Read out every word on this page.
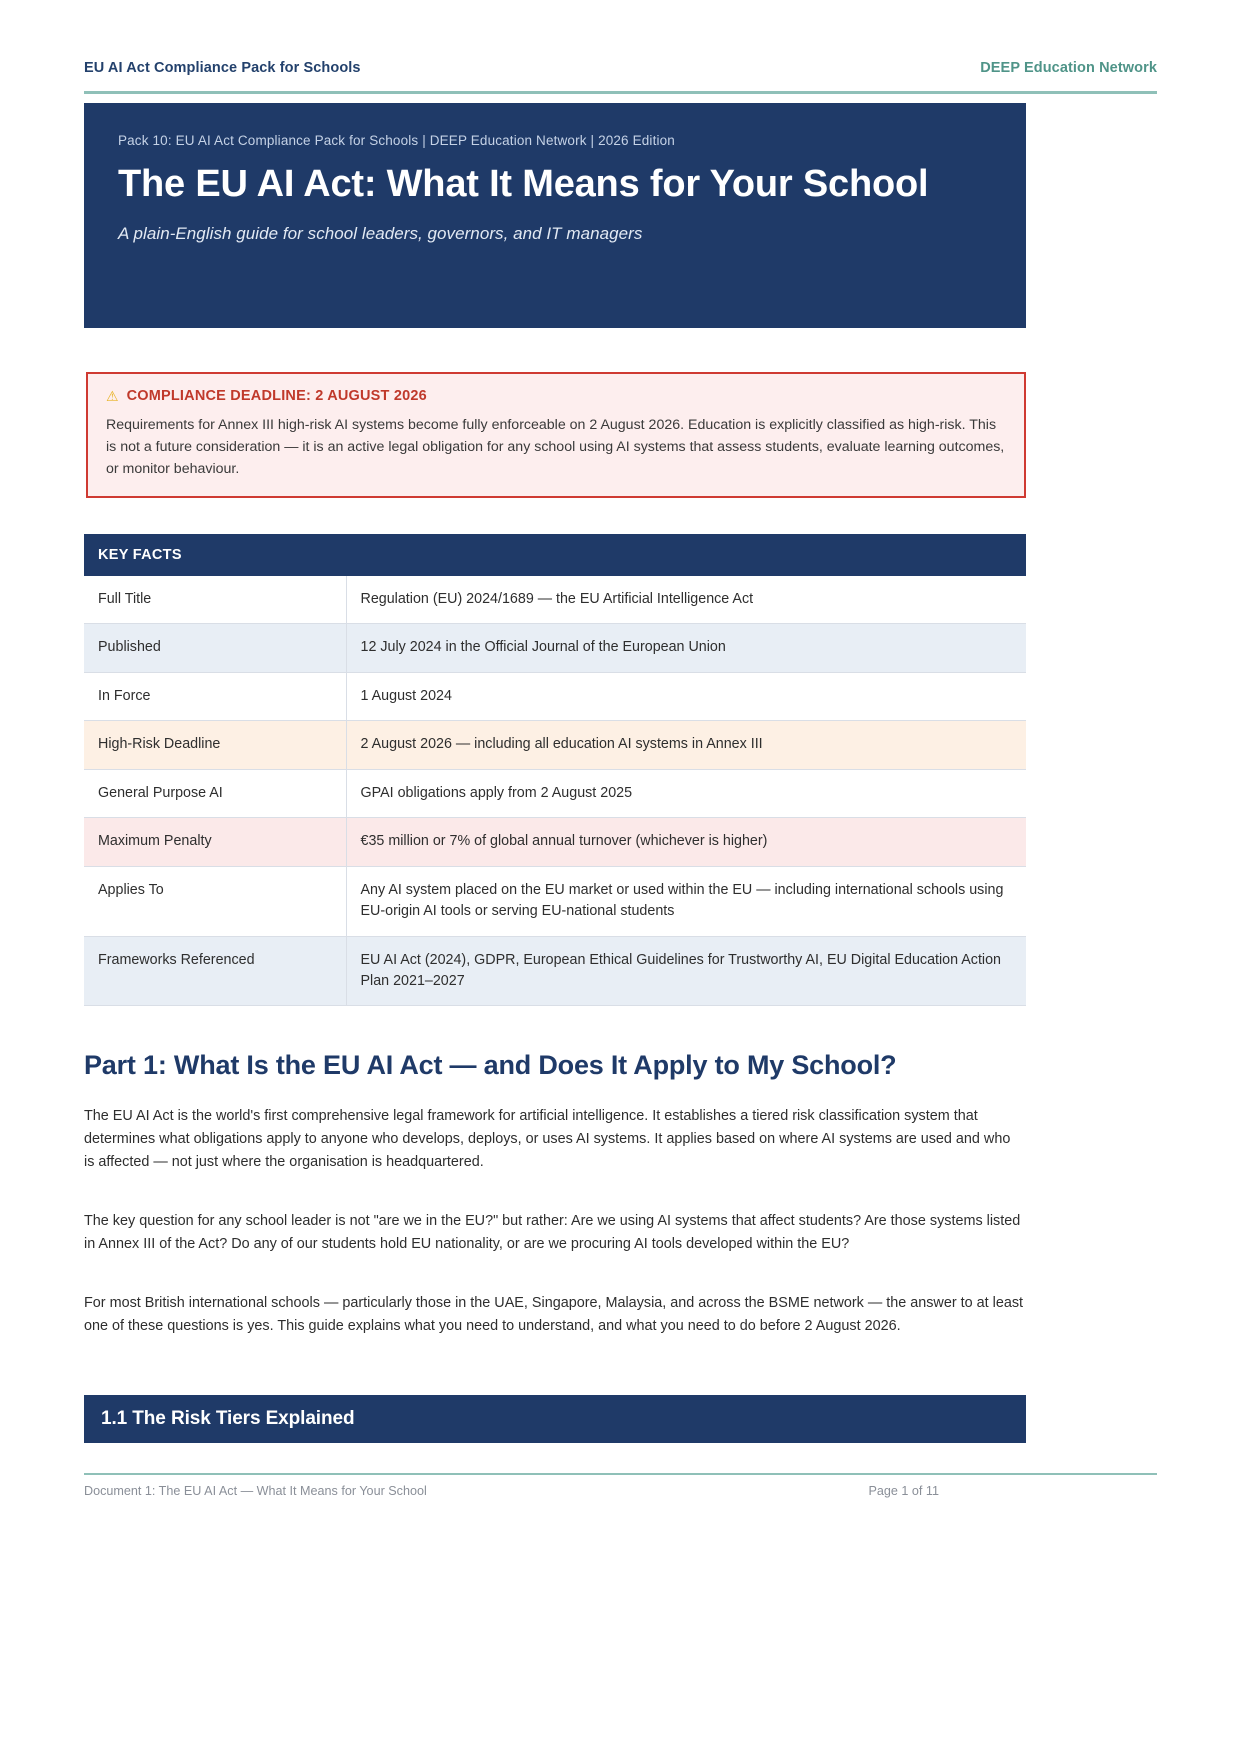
EU AI Act Compliance Pack for Schools	DEEP Education Network
Pack 10: EU AI Act Compliance Pack for Schools | DEEP Education Network | 2026 Edition
The EU AI Act: What It Means for Your School
A plain-English guide for school leaders, governors, and IT managers
⚠ COMPLIANCE DEADLINE: 2 AUGUST 2026
Requirements for Annex III high-risk AI systems become fully enforceable on 2 August 2026. Education is explicitly classified as high-risk. This is not a future consideration — it is an active legal obligation for any school using AI systems that assess students, evaluate learning outcomes, or monitor behaviour.
KEY FACTS	
Full Title	Regulation (EU) 2024/1689 — the EU Artificial Intelligence Act
Published	12 July 2024 in the Official Journal of the European Union
In Force	1 August 2024
High-Risk Deadline	2 August 2026 — including all education AI systems in Annex III
General Purpose AI	GPAI obligations apply from 2 August 2025
Maximum Penalty	€35 million or 7% of global annual turnover (whichever is higher)
Applies To	Any AI system placed on the EU market or used within the EU — including international schools using EU-origin AI tools or serving EU-national students
Frameworks Referenced	EU AI Act (2024), GDPR, European Ethical Guidelines for Trustworthy AI, EU Digital Education Action Plan 2021–2027
Part 1: What Is the EU AI Act — and Does It Apply to My School?

The EU AI Act is the world's first comprehensive legal framework for artificial intelligence. It establishes a tiered risk classification system that determines what obligations apply to anyone who develops, deploys, or uses AI systems. It applies based on where AI systems are used and who is affected — not just where the organisation is headquartered.

The key question for any school leader is not "are we in the EU?" but rather: Are we using AI systems that affect students? Are those systems listed in Annex III of the Act? Do any of our students hold EU nationality, or are we procuring AI tools developed within the EU?

For most British international schools — particularly those in the UAE, Singapore, Malaysia, and across the BSME network — the answer to at least one of these questions is yes. This guide explains what you need to understand, and what you need to do before 2 August 2026.

1.1 The Risk Tiers Explained
Document 1: The EU AI Act — What It Means for Your School	Page 1 of 11
